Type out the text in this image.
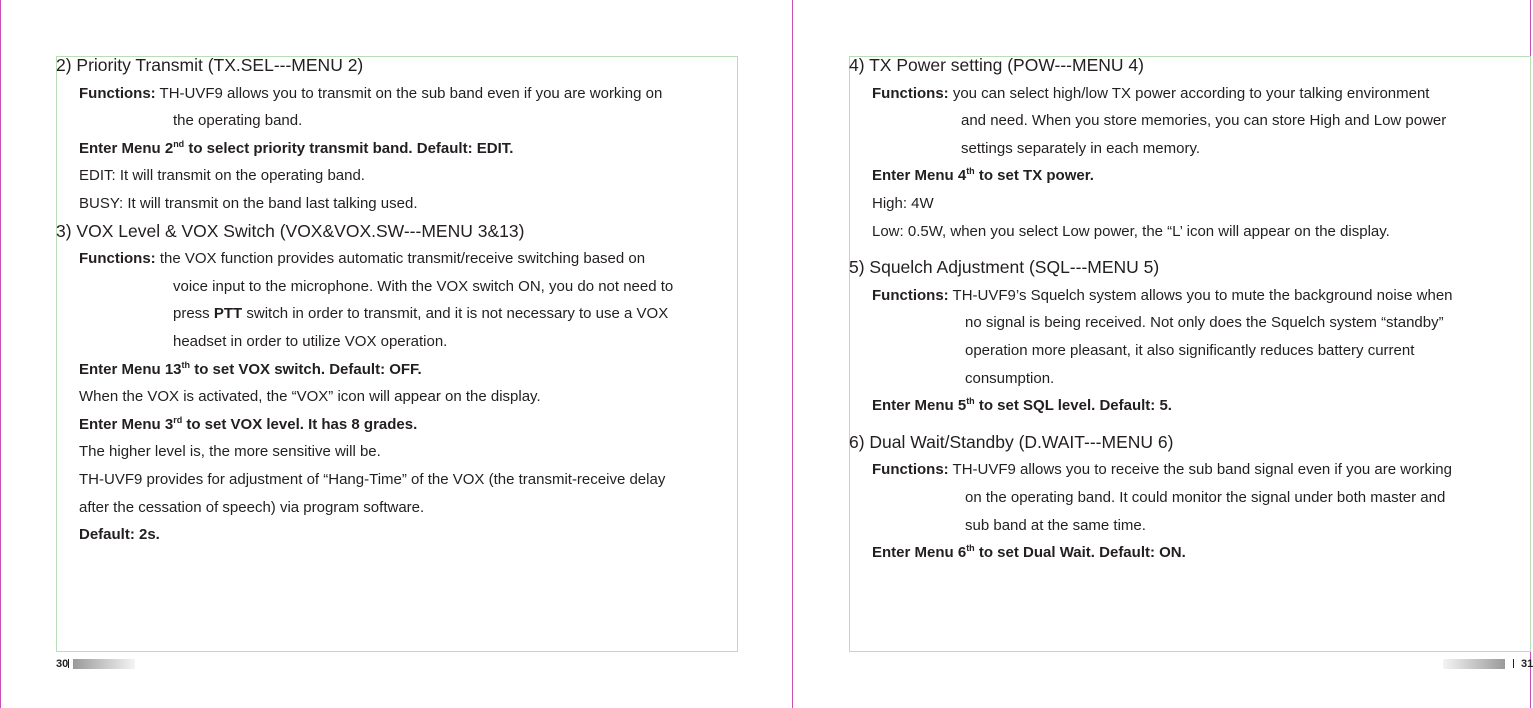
2) Priority Transmit (TX.SEL---MENU 2)
Functions: TH-UVF9 allows you to transmit on the sub band even if you are working on
the operating band.
Enter Menu 2nd to select priority transmit band. Default: EDIT.
EDIT: It will transmit on the operating band.
BUSY: It will transmit on the band last talking used.
3) VOX Level & VOX Switch (VOX&VOX.SW---MENU 3&13)
Functions: the VOX function provides automatic transmit/receive switching based on
voice input to the microphone. With the VOX switch ON, you do not need to
press PTT switch in order to transmit, and it is not necessary to use a VOX
headset in order to utilize VOX operation.
Enter Menu 13th to set VOX switch. Default: OFF.
When the VOX is activated, the “VOX” icon will appear on the display.
Enter Menu 3rd to set VOX level. It has 8 grades.
The higher level is, the more sensitive will be.
TH-UVF9 provides for adjustment of “Hang-Time” of the VOX (the transmit-receive delay
after the cessation of speech) via program software.
Default: 2s.
4) TX Power setting (POW---MENU 4)
Functions: you can select high/low TX power according to your talking environment
and need. When you store memories, you can store High and Low power
settings separately in each memory.
Enter Menu 4th to set TX power.
High: 4W
Low: 0.5W, when you select Low power, the “L’ icon will appear on the display.
5) Squelch Adjustment (SQL---MENU 5)
Functions: TH-UVF9’s Squelch system allows you to mute the background noise when
no signal is being received. Not only does the Squelch system “standby”
operation more pleasant, it also significantly reduces battery current
consumption.
Enter Menu 5th to set SQL level. Default: 5.
6) Dual Wait/Standby (D.WAIT---MENU 6)
Functions: TH-UVF9 allows you to receive the sub band signal even if you are working
on the operating band. It could monitor the signal under both master and
sub band at the same time.
Enter Menu 6th to set Dual Wait. Default: ON.
30	31
